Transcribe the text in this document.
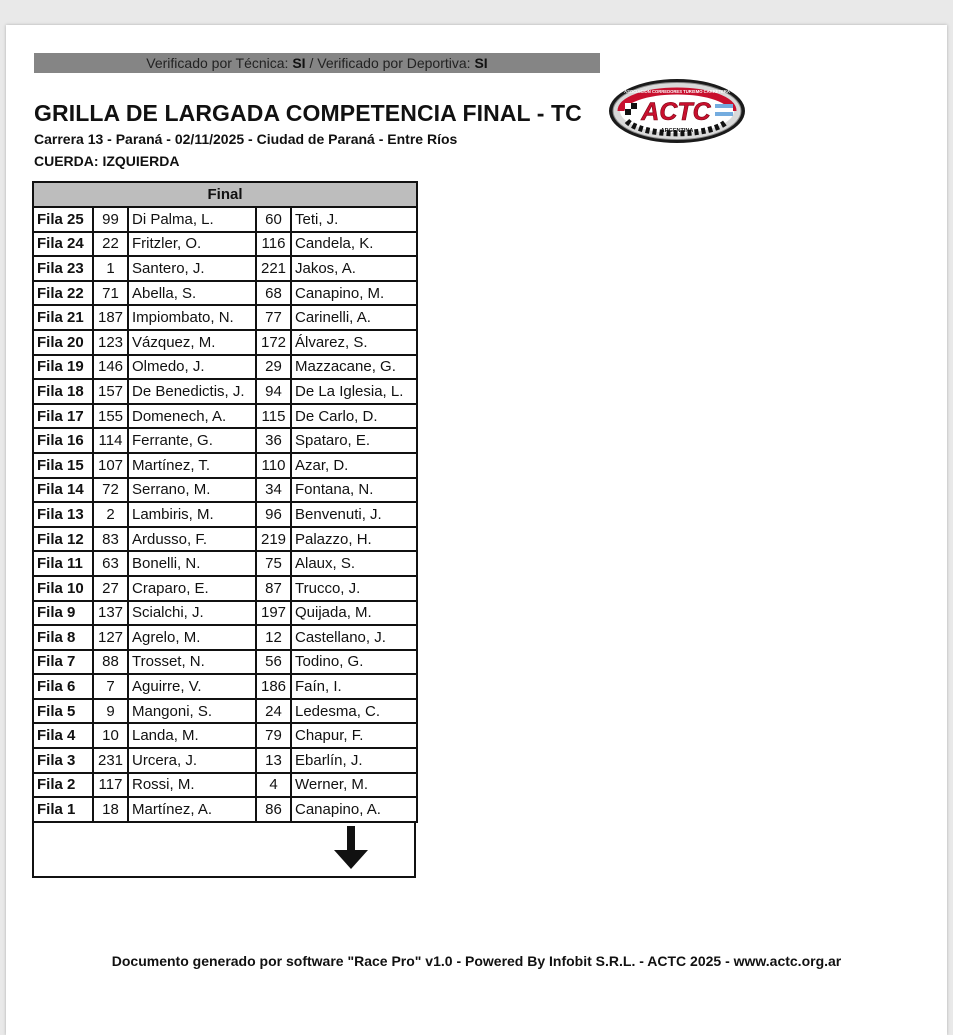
Verificado por Técnica: SI / Verificado por Deportiva: SI
GRILLA DE LARGADA COMPETENCIA FINAL - TC
Carrera 13 - Paraná - 02/11/2025 - Ciudad de Paraná - Entre Ríos
CUERDA: IZQUIERDA
ACTC
ASOCIACIÓN CORREDORES TURISMO CARRETERA
ARGENTINA
Final				
Fila 25	99	Di Palma, L.	60	Teti, J.
Fila 24	22	Fritzler, O.	116	Candela, K.
Fila 23	1	Santero, J.	221	Jakos, A.
Fila 22	71	Abella, S.	68	Canapino, M.
Fila 21	187	Impiombato, N.	77	Carinelli, A.
Fila 20	123	Vázquez, M.	172	Álvarez, S.
Fila 19	146	Olmedo, J.	29	Mazzacane, G.
Fila 18	157	De Benedictis, J.	94	De La Iglesia, L.
Fila 17	155	Domenech, A.	115	De Carlo, D.
Fila 16	114	Ferrante, G.	36	Spataro, E.
Fila 15	107	Martínez, T.	110	Azar, D.
Fila 14	72	Serrano, M.	34	Fontana, N.
Fila 13	2	Lambiris, M.	96	Benvenuti, J.
Fila 12	83	Ardusso, F.	219	Palazzo, H.
Fila 11	63	Bonelli, N.	75	Alaux, S.
Fila 10	27	Craparo, E.	87	Trucco, J.
Fila 9	137	Scialchi, J.	197	Quijada, M.
Fila 8	127	Agrelo, M.	12	Castellano, J.
Fila 7	88	Trosset, N.	56	Todino, G.
Fila 6	7	Aguirre, V.	186	Faín, I.
Fila 5	9	Mangoni, S.	24	Ledesma, C.
Fila 4	10	Landa, M.	79	Chapur, F.
Fila 3	231	Urcera, J.	13	Ebarlín, J.
Fila 2	117	Rossi, M.	4	Werner, M.
Fila 1	18	Martínez, A.	86	Canapino, A.
Documento generado por software "Race Pro" v1.0 - Powered By Infobit S.R.L. - ACTC 2025 - www.actc.org.ar
